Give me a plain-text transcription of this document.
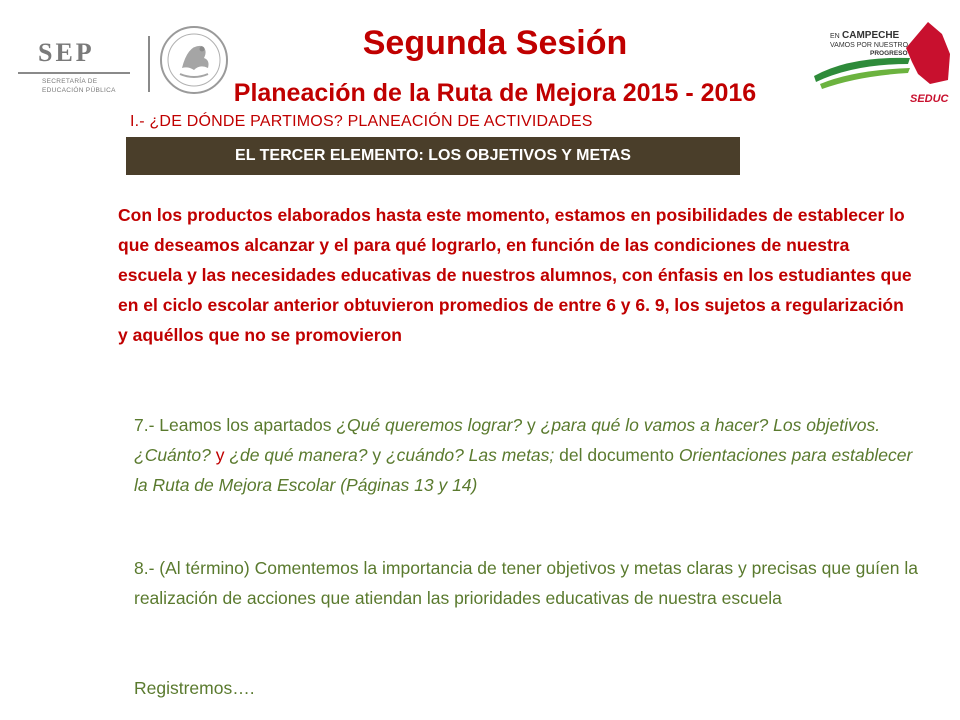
SEP
SECRETARÍA DE
EDUCACIÓN PÚBLICA
EN CAMPECHE
VAMOS POR NUESTRO
PROGRESO
SEDUC
Segunda Sesión
Planeación de la Ruta de Mejora 2015 - 2016
I.- ¿DE DÓNDE PARTIMOS? PLANEACIÓN DE ACTIVIDADES
EL TERCER ELEMENTO: LOS OBJETIVOS Y METAS
Con los productos elaborados hasta este momento, estamos en posibilidades de establecer lo que deseamos alcanzar y el para qué lograrlo, en función de las condiciones de nuestra escuela y las necesidades educativas de nuestros alumnos, con énfasis en los estudiantes que en el ciclo escolar anterior obtuvieron promedios de entre 6 y 6. 9, los sujetos a regularización y aquéllos que no se promovieron
7.- Leamos los apartados ¿Qué queremos lograr? y ¿para qué lo vamos a hacer? Los objetivos. ¿Cuánto? y ¿de qué manera? y ¿cuándo? Las metas; del documento Orientaciones para establecer la Ruta de Mejora Escolar (Páginas 13 y 14)
8.- (Al término) Comentemos la importancia de tener objetivos y metas claras y precisas que guíen la realización de acciones que atiendan las prioridades educativas de nuestra escuela
Registremos….
